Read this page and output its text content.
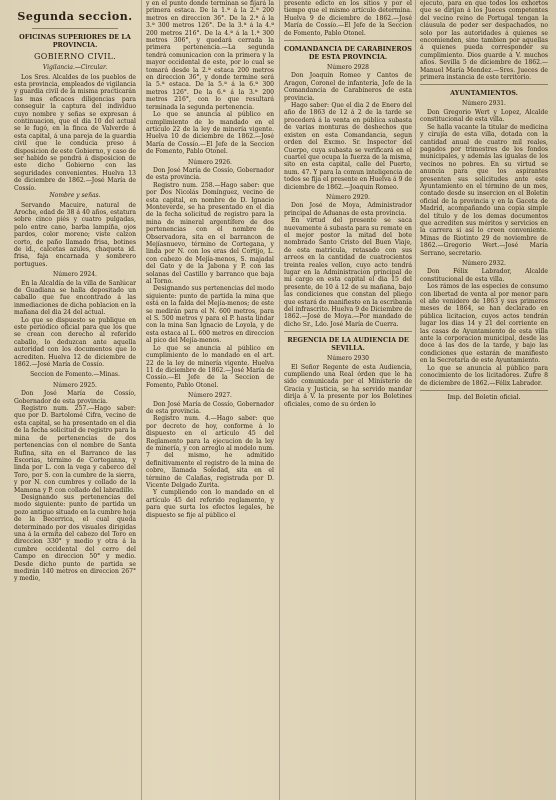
Segunda seccion.
OFICINAS SUPERIORES DE LA PROVINCIA.
GOBIERNO CIVIL.
Vigilancia.—Circular.

Los Sres. Alcaldes de los pueblos de esta provincia, empleados de vigilancia y guardia civil de la misma practicarán las mas eficaces diligencias para conseguir la captura del individuo cuyo nombre y señas se expresan á continuacion, que el dia 10 del actual se le fugó, en la finca de Valverde á esta capital, á una pareja de la guardia civil que le conducia preso á disposicion de este Gobierno, y caso de ser habido se pondrá á disposicion de este dicho Gobierno con las seguridades convenientes. Huelva 13 de diciembre de 1862.—José María de Cossío.

Nombre y señas.

Servando Macuire, natural de Aroche, edad de 38 á 40 años, estatura sobre cinco piés y cuatro pulgadas, pelo entre cano, barba lampiña, ojos pardos, color moreno; viste calzon corto, de paño llamado frisa, botines de id., calcetas azules, chaqueta id. frisa, faja encarnada y sombrero portugues.

Número 2924.

En la Alcaldía de la villa de Sanlúcar de Guadiana se halla depositado un caballo que fue encontrado á las inmediaciones de dicha poblacion en la mañana del dia 24 del actual.

Lo que se dispuesto se publique en este periódico oficial para que los que se crean con derecho al referido caballo, lo deduzcan ante aquella autoridad con los documentos que lo acrediten. Huelva 12 de diciembre de 1862.—José María de Cossío.

Seccion de Fomento.—Minas.
Número 2925.

Don José María de Cossío, Gobernador de esta provincia.

Registro num. 257.—Hago saber: que por D. Bartolomé Cifra, vecino de esta capital, se ha presentado en el dia de la fecha solicitud de registro para la mina de pertenencias de dos pertenencias con el nombre de Santa Rufina, sita en el Barranco de las Escorias, término de Corteganna, y linda por L. con la vega y caberco del Toro, por S. con la cumbre de la sierra, y por N. con cumbres y collado de la Mamona y P. con collado del labradillo.

Designando sus pertenencias del modo siguiente: punto de partida un pozo antiguo situado en la cumbre hoja de la Becerrica, el cual queda determinado por dos visuales dirigidas una á la ermita del cabezo del Toro en direccion 330° y medio y otra á la cumbre occidental del cerro del Campo en direccion 50° y medio. Desde dicho punto de partida se medirán 140 metros en direccion 267° y medio,

y en el punto donde terminan se fijará la primera estaca. De la 1.ª á la 2.ª 200 metros en direccion 36°. De la 2.ª á la 3.ª 300 metros 126°. De la 3.ª á la 4.ª 200 metros 216°. De la 4.ª á la 1.ª 300 metros 306°, y quedará cerrada la primera pertenencia.—La segunda tendrá comunicacion con la primera y la mayor occidental de este, por lo cual se tomará desde la 2.ª estaca 200 metros en direccion 36°, y donde termine será la 5.ª estaca. De la 5.ª á la 6.ª 300 metros 126°. De la 6.ª á la 3.ª 200 metros 216°, con lo que resultará terminada la segunda pertenencia.

Lo que se anuncia al público en cumplimiento de lo mandado en el artículo 22 de la ley de minería vigente. Huelva 10 de diciembre de 1862.—José María de Cossío.—El Jefe de la Seccion de Fomento, Pablo Otonel.

Número 2926.

Don José María de Cossío, Gobernador de esta provincia.

Registro num. 258.—Hago saber: que por Dos Nicolás Domínguez, vecino de esta capital, en nombre de D. Ignacio Monteverde, se ha presentado en el dia de la fecha solicitud de registro para la mina de mineral argentífero de dos pertenencias con el nombre de Observadora, sita en el barrancon de Mejíasnuevo, término de Cortegana, y linda por N. con los eras del Cortijo, L. con cabezo de Mejía-menos, S. majadal del Gato y de la Jabona y P. con las solanas del Castillo y barranco que baja al Torno.

Designando sus pertenencias del modo siguiente: punto de partida la mina que está en la falda del Mejía-menos; de este se medirán para el N. 600 metros, para el S. 500 metros y para el P. hasta lindar con la mina San Ignacio de Loyola, y de esta estaca al L. 600 metros en direccion al pico del Mejía-menos.

Lo que se anuncia al público en cumplimiento de lo mandado en el art. 22 de la ley de minería vigente. Huelva 11 de diciembre de 1862.—José María de Cossío.—El Jefe de la Seccion de Fomento, Pablo Otonel.

Número 2927.

Don José María de Cossío, Gobernador de esta provincia.

Registro num. 4.—Hago saber: que por decreto de hoy, conforme á lo dispuesto en el artículo 45 del Reglamento para la ejecucion de la ley de minería, y con arreglo al modelo num. 7 del mismo, he admitido definitivamente el registro de la mina de cobre, llamada Soledad, sita en el término de Calañas, registrada por D. Vicente Delgado Zurita.

Y cumpliendo con lo mandado en el artículo 45 del referido reglamento, y para que surta los efectos legales, he dispuesto se fije al público el

presente edicto en los sitios y por el tiempo que el mismo artículo determina. Huelva 9 de diciembre de 1862.—José María de Cossío.—El Jefe de la Seccion de Fomento, Pablo Otonel.

COMANDANCIA DE CARABINEROS DE ESTA PROVINCIA.
Número 2928

Don Joaquin Romeo y Cantos de Aragon, Coronel de infantería, Jefe de la Comandancia de Carabineros de esta provincia.

Hago saber: Que el dia 2 de Enero del año de 1863 de 12 á 2 de la tarde se procederá á la venta en pública subasta de varias monturas de deshechos que existen en esta Comandancia, segun orden del Excmo. Sr. Inspector del Cuerpo, cuya subasta se verificará en el cuartel que ocupa la fuerza de la misma, sito en esta capital, calle del Puerto, num. 47. Y para la comun inteligencia de todos se fija el presente en Huelva á 9 de diciembre de 1862.—Joaquin Romeo.

Número 2929.

Don José de Moya, Administrador principal de Aduanas de esta provincia.

En virtud del presente se saca nuevamente á subasta para su remate en el mejor postor la mitad del bote nombrado Santo Cristo del Buen Viaje, de esta matrícula, retasado con sus arreos en la cantidad de cuatrocientos treinta reales vellon, cuyo acto tendrá lugar en la Administracion principal de mi cargo en esta capital el dia 15 del presente, de 10 á 12 de su mañana, bajo las condiciones que constan del pliego que estará de manifiesto en la escribanía del infrascrito. Huelva 9 de Diciembre de 1862.—José de Moya.—Por mandado de dicho Sr., Ldo. José María de Cuerra.

REGENCIA DE LA AUDIENCIA DE SEVILLA.
Número 2930

El Señor Regente de esta Audiencia, cumpliendo una Real órden que le ha sido comunicada por el Ministerio de Gracia y Justicia, se ha servido mandar dirija á V. la presente por los Boletines oficiales, como de su órden lo

ejecuto, para en que todos los exhortos que se dirijan á los Jueces competentes del vecino reino de Portugal tengan la cláusula de poder ser despachados, no solo por las autoridades á quienes se encomienden, sino tambien por aquellas á quienes pueda corresponder su cumplimiento. Dios guarde á V. muchos años. Sevilla 5 de diciembre de 1862.—Manuel María Mendez.—Sres. Jueces de primera instancia de este territorio.

AYUNTAMIENTOS.
Número 2931.

Don Gregorio Wert y Lopez, Alcalde constitucional de esta villa.

Se halla vacante la titular de medicina y cirujía de esta villa, dotada con la cantidad anual de cuatro mil reales, pagados por trimestres de los fondos municipales, y además las igualas de los vecinos no pobres. En su virtud se anuncia para que los aspirantes presenten sus solicitudes ante este Ayuntamiento en el término de un mes, contado desde su insercion en el Boletin oficial de la provincia y en la Gaceta de Madrid, acompañando una copia simple del título y de los demas documentos que acrediten sus méritos y servicios en la carrera si así lo creen conveniente. Minas de Riotinto 29 de noviembre de 1862.—Gregorio Wert.—José María Serrano, secretario.

Número 2932.

Don Félix Labrador, Alcalde constitucional de esta villa.

Los rámos de las especies de consumo con libertad de venta al por menor para el año venidero de 1863 y sus primeros meses de 1864, se han declarado en pública licitacion, cuyos actos tendrán lugar los dias 14 y 21 del corriente en las casas de Ayuntamiento de esta villa ante la corporacion municipal, desde las doce á las dos de la tarde, y bajo las condiciones que estarán de manifiesto en la Secretaría de este Ayuntamiento.

Lo que se anuncia al público para conocimiento de los licitadores. Zufre 8 de diciembre de 1862.—Félix Labrador.

Imp. del Boletin oficial.
